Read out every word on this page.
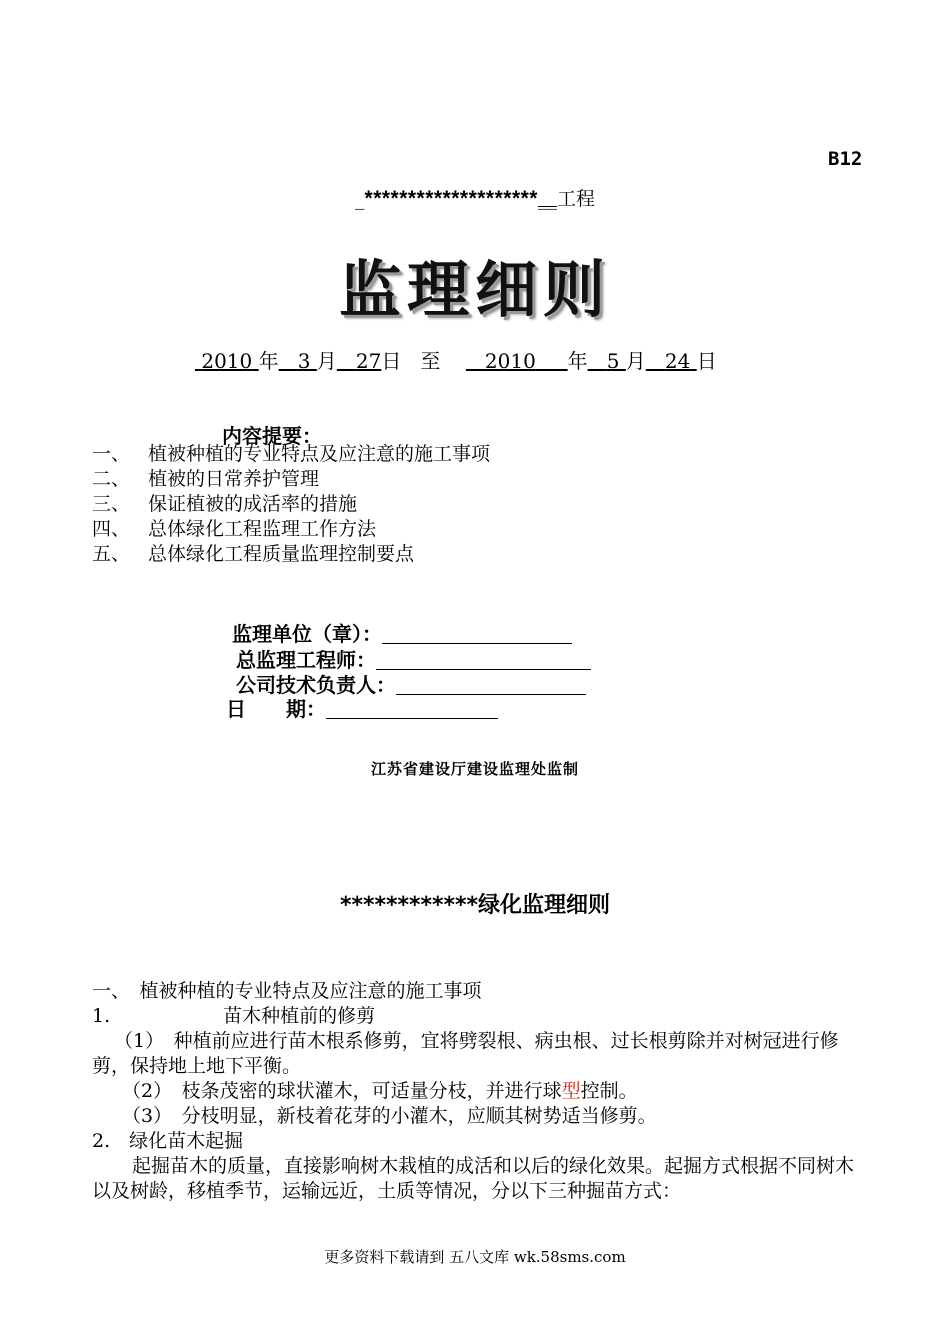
B12
_********************__工程
监理细则
2010 年 3 月 27日 至 2010 年 5 月 24 日
内容提要：
一、 植被种植的专业特点及应注意的施工事项
二、 植被的日常养护管理
三、 保证植被的成活率的措施
四、 总体绿化工程监理工作方法
五、 总体绿化工程质量监理控制要点
监理单位（章）：
总监理工程师：
公司技术负责人：
日　　期：
江苏省建设厅建设监理处监制
************绿化监理细则

一、　植被种植的专业特点及应注意的施工事项

1.	苗木种植前的修剪

（1）　种植前应进行苗木根系修剪，宜将劈裂根、病虫根、过长根剪除并对树冠进行修剪，保持地上地下平衡。

（2）　枝条茂密的球状灌木，可适量分枝，并进行球型控制。

（3）　分枝明显，新枝着花芽的小灌木，应顺其树势适当修剪。

2.　绿化苗木起掘

起掘苗木的质量，直接影响树木栽植的成活和以后的绿化效果。起掘方式根据不同树木以及树龄，移植季节，运输远近，土质等情况，分以下三种掘苗方式：

更多资料下载请到 五八文库 wk.58sms.com
